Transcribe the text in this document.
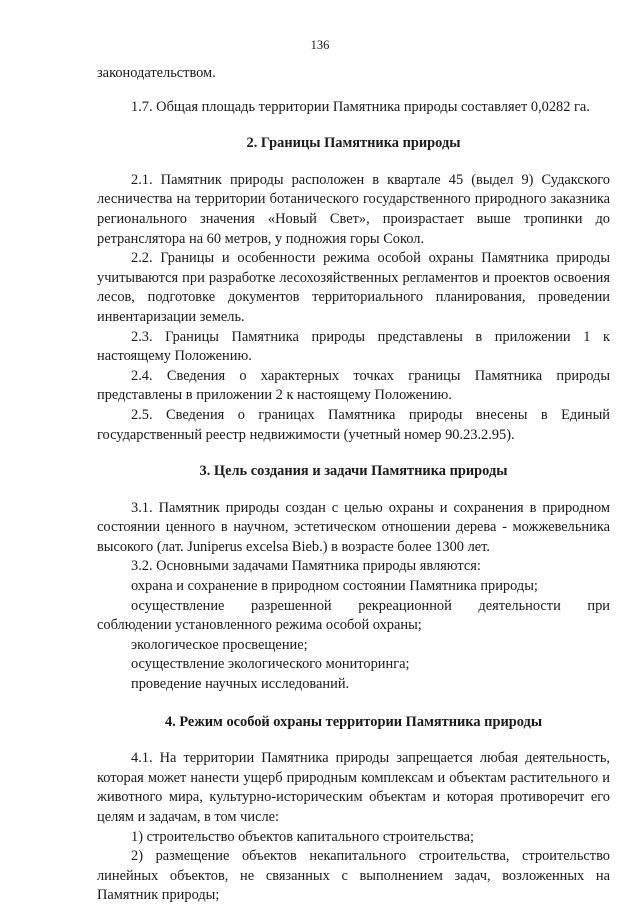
136

законодательством.

1.7. Общая площадь территории Памятника природы составляет 0,0282 га.

2. Границы Памятника природы

2.1. Памятник природы расположен в квартале 45 (выдел 9) Судакского лесничества на территории ботанического государственного природного заказника регионального значения «Новый Свет», произрастает выше тропинки до ретранслятора на 60 метров, у подножия горы Сокол.

2.2. Границы и особенности режима особой охраны Памятника природы учитываются при разработке лесохозяйственных регламентов и проектов освоения лесов, подготовке документов территориального планирования, проведении инвентаризации земель.

2.3. Границы Памятника природы представлены в приложении 1 к настоящему Положению.

2.4. Сведения о характерных точках границы Памятника природы представлены в приложении 2 к настоящему Положению.

2.5. Сведения о границах Памятника природы внесены в Единый государственный реестр недвижимости (учетный номер 90.23.2.95).

3. Цель создания и задачи Памятника природы

3.1. Памятник природы создан с целью охраны и сохранения в природном состоянии ценного в научном, эстетическом отношении дерева - можжевельника высокого (лат. Juniperus excelsa Bieb.) в возрасте более 1300 лет.

3.2. Основными задачами Памятника природы являются:

охрана и сохранение в природном состоянии Памятника природы;

осуществление разрешенной рекреационной деятельности при

соблюдении установленного режима особой охраны;

экологическое просвещение;

осуществление экологического мониторинга;

проведение научных исследований.

4. Режим особой охраны территории Памятника природы

4.1. На территории Памятника природы запрещается любая деятельность, которая может нанести ущерб природным комплексам и объектам растительного и животного мира, культурно-историческим объектам и которая противоречит его целям и задачам, в том числе:

1) строительство объектов капитального строительства;

2) размещение объектов некапитального строительства, строительство линейных объектов, не связанных с выполнением задач, возложенных на Памятник природы;
